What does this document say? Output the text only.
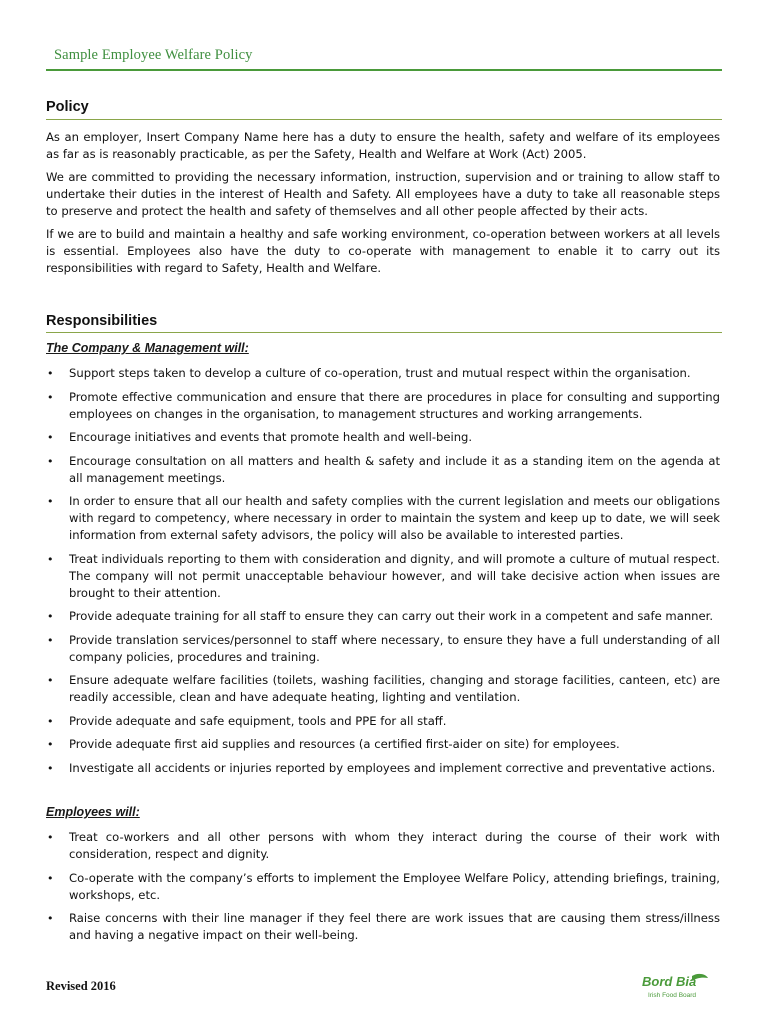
Sample Employee Welfare Policy
Policy
As an employer, Insert Company Name here has a duty to ensure the health, safety and welfare of its employees as far as is reasonably practicable, as per the Safety, Health and Welfare at Work (Act) 2005.
We are committed to providing the necessary information, instruction, supervision and or training to allow staff to undertake their duties in the interest of Health and Safety. All employees have a duty to take all reasonable steps to preserve and protect the health and safety of themselves and all other people affected by their acts.
If we are to build and maintain a healthy and safe working environment, co-operation between workers at all levels is essential. Employees also have the duty to co-operate with management to enable it to carry out its responsibilities with regard to Safety, Health and Welfare.
Responsibilities
The Company & Management will:
• Support steps taken to develop a culture of co-operation, trust and mutual respect within the organisation.
• Promote effective communication and ensure that there are procedures in place for consulting and supporting employees on changes in the organisation, to management structures and working arrangements.
• Encourage initiatives and events that promote health and well-being.
• Encourage consultation on all matters and health & safety and include it as a standing item on the agenda at all management meetings.
• In order to ensure that all our health and safety complies with the current legislation and meets our obligations with regard to competency, where necessary in order to maintain the system and keep up to date, we will seek information from external safety advisors, the policy will also be available to interested parties.
• Treat individuals reporting to them with consideration and dignity, and will promote a culture of mutual respect. The company will not permit unacceptable behaviour however, and will take decisive action when issues are brought to their attention.
• Provide adequate training for all staff to ensure they can carry out their work in a competent and safe manner.
• Provide translation services/personnel to staff where necessary, to ensure they have a full understanding of all company policies, procedures and training.
• Ensure adequate welfare facilities (toilets, washing facilities, changing and storage facilities, canteen, etc) are readily accessible, clean and have adequate heating, lighting and ventilation.
• Provide adequate and safe equipment, tools and PPE for all staff.
• Provide adequate first aid supplies and resources (a certified first-aider on site) for employees.
• Investigate all accidents or injuries reported by employees and implement corrective and preventative actions.
Employees will:
• Treat co-workers and all other persons with whom they interact during the course of their work with consideration, respect and dignity.
• Co-operate with the company’s efforts to implement the Employee Welfare Policy, attending briefings, training, workshops, etc.
• Raise concerns with their line manager if they feel there are work issues that are causing them stress/illness and having a negative impact on their well-being.
Revised 2016	Bord Bia
Irish Food Board
